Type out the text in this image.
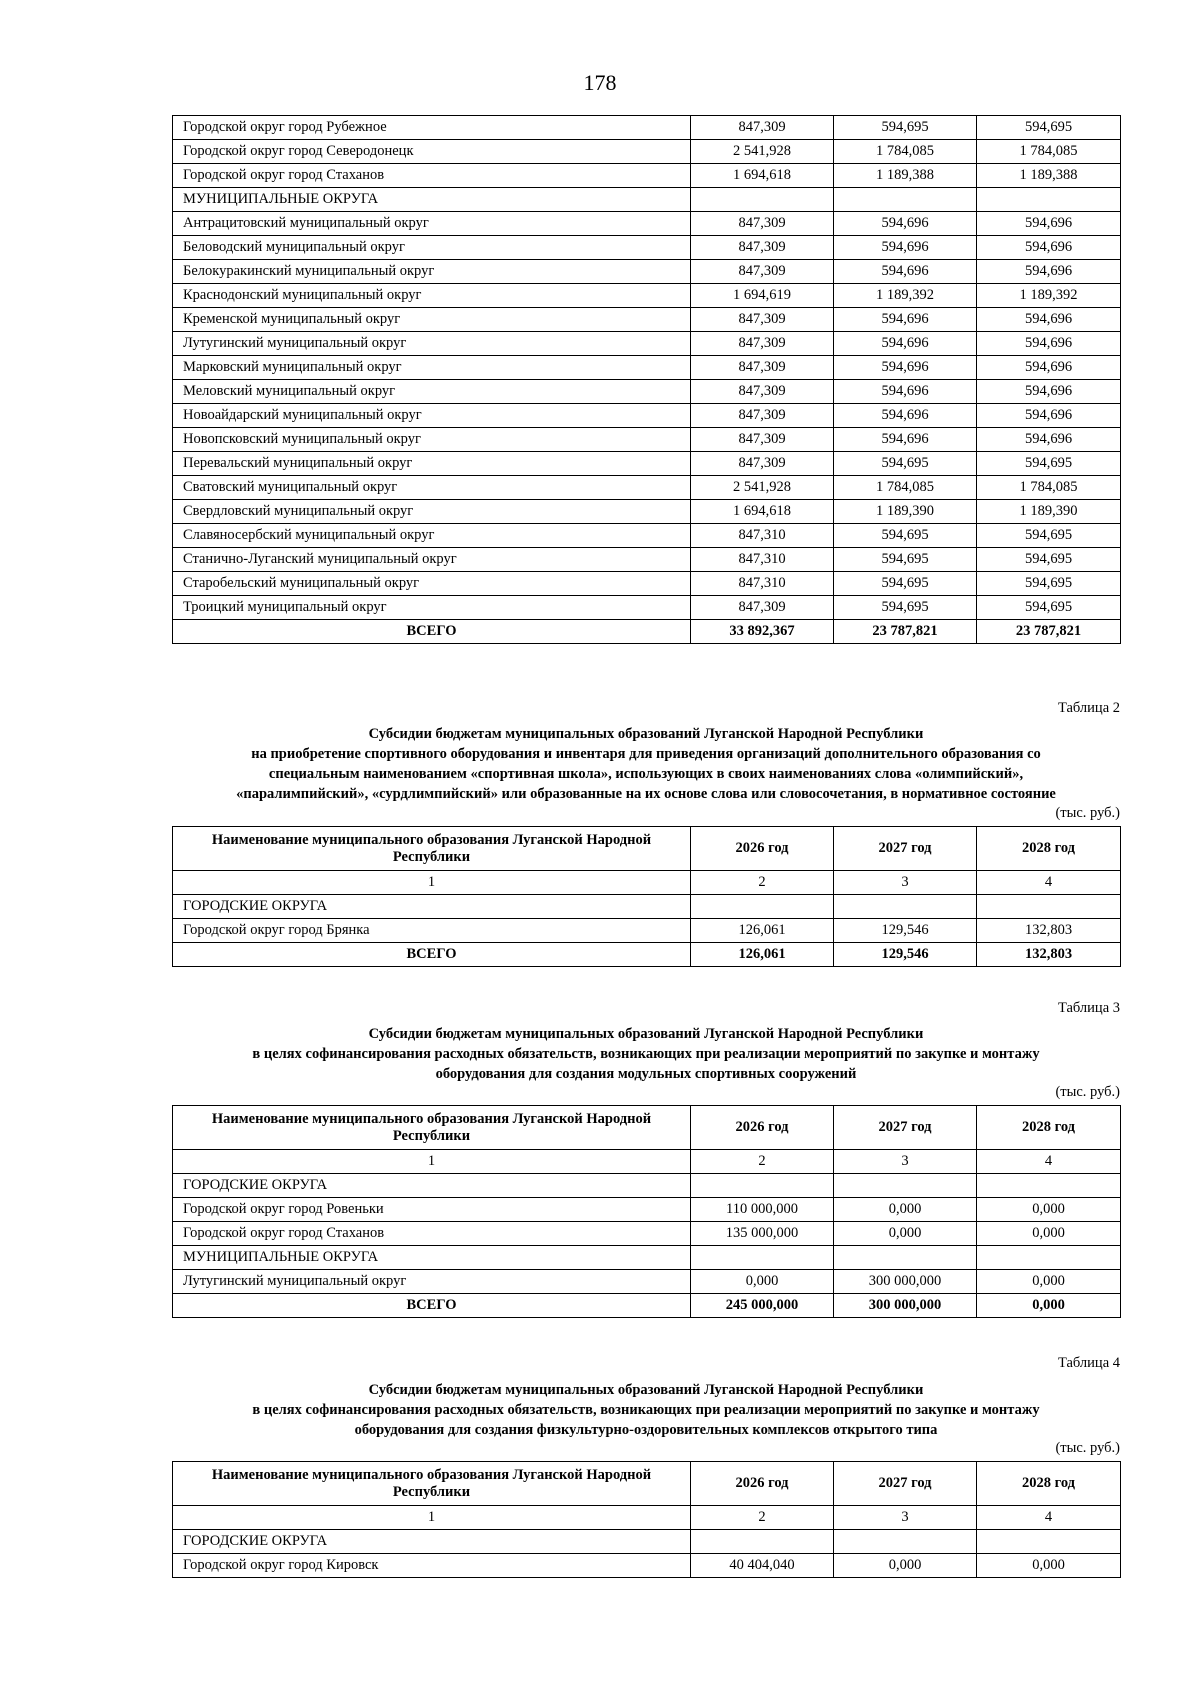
178
Городской округ город Рубежное	847,309	594,695	594,695
Городской округ город Северодонецк	2 541,928	1 784,085	1 784,085
Городской округ город Стаханов	1 694,618	1 189,388	1 189,388
МУНИЦИПАЛЬНЫЕ ОКРУГА			
Антрацитовский муниципальный округ	847,309	594,696	594,696
Беловодский муниципальный округ	847,309	594,696	594,696
Белокуракинский муниципальный округ	847,309	594,696	594,696
Краснодонский муниципальный округ	1 694,619	1 189,392	1 189,392
Кременской муниципальный округ	847,309	594,696	594,696
Лутугинский муниципальный округ	847,309	594,696	594,696
Марковский муниципальный округ	847,309	594,696	594,696
Меловский муниципальный округ	847,309	594,696	594,696
Новоайдарский муниципальный округ	847,309	594,696	594,696
Новопсковский муниципальный округ	847,309	594,696	594,696
Перевальский муниципальный округ	847,309	594,695	594,695
Сватовский муниципальный округ	2 541,928	1 784,085	1 784,085
Свердловский муниципальный округ	1 694,618	1 189,390	1 189,390
Славяносербский муниципальный округ	847,310	594,695	594,695
Станично-Луганский муниципальный округ	847,310	594,695	594,695
Старобельский муниципальный округ	847,310	594,695	594,695
Троицкий муниципальный округ	847,309	594,695	594,695
ВСЕГО	33 892,367	23 787,821	23 787,821
Таблица 2
Субсидии бюджетам муниципальных образований Луганской Народной Республики
на приобретение спортивного оборудования и инвентаря для приведения организаций дополнительного образования со
специальным наименованием «спортивная школа», использующих в своих наименованиях слова «олимпийский»,
«паралимпийский», «сурдлимпийский» или образованные на их основе слова или словосочетания, в нормативное состояние
(тыс. руб.)
Наименование муниципального образования Луганской Народной Республики	2026 год	2027 год	2028 год
1	2	3	4
ГОРОДСКИЕ ОКРУГА			
Городской округ город Брянка	126,061	129,546	132,803
ВСЕГО	126,061	129,546	132,803
Таблица 3
Субсидии бюджетам муниципальных образований Луганской Народной Республики
в целях софинансирования расходных обязательств, возникающих при реализации мероприятий по закупке и монтажу
оборудования для создания модульных спортивных сооружений
(тыс. руб.)
Наименование муниципального образования Луганской Народной Республики	2026 год	2027 год	2028 год
1	2	3	4
ГОРОДСКИЕ ОКРУГА			
Городской округ город Ровеньки	110 000,000	0,000	0,000
Городской округ город Стаханов	135 000,000	0,000	0,000
МУНИЦИПАЛЬНЫЕ ОКРУГА			
Лутугинский муниципальный округ	0,000	300 000,000	0,000
ВСЕГО	245 000,000	300 000,000	0,000
Таблица 4
Субсидии бюджетам муниципальных образований Луганской Народной Республики
в целях софинансирования расходных обязательств, возникающих при реализации мероприятий по закупке и монтажу
оборудования для создания физкультурно-оздоровительных комплексов открытого типа
(тыс. руб.)
Наименование муниципального образования Луганской Народной Республики	2026 год	2027 год	2028 год
1	2	3	4
ГОРОДСКИЕ ОКРУГА			
Городской округ город Кировск	40 404,040	0,000	0,000
